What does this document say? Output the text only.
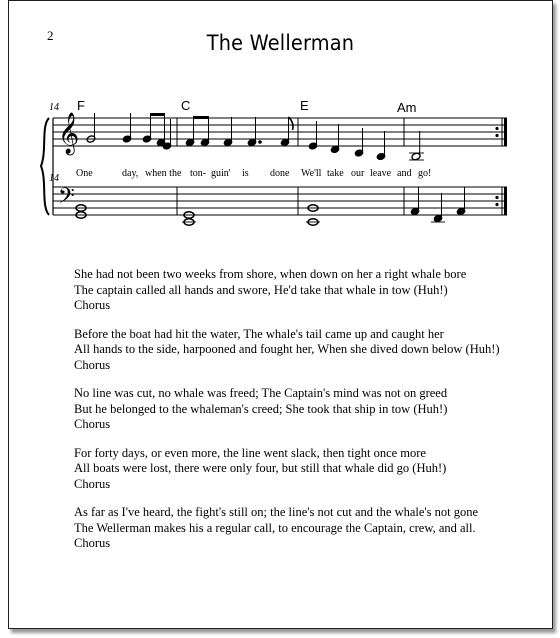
2	The Wellerman
F	C	E	Am
14
14
𝄞
𝄢
One	day, when the ton- guin' is done We'll take our leave and go!
She had not been two weeks from shore, when down on her a right whale bore
The captain called all hands and swore, He'd take that whale in tow (Huh!)
Chorus
Before the boat had hit the water, The whale's tail came up and caught her
All hands to the side, harpooned and fought her, When she dived down below (Huh!)
Chorus
No line was cut, no whale was freed; The Captain's mind was not on greed
But he belonged to the whaleman's creed; She took that ship in tow (Huh!)
Chorus
For forty days, or even more, the line went slack, then tight once more
All boats were lost, there were only four, but still that whale did go (Huh!)
Chorus
As far as I've heard, the fight's still on; the line's not cut and the whale's not gone
The Wellerman makes his a regular call, to encourage the Captain, crew, and all.
Chorus
